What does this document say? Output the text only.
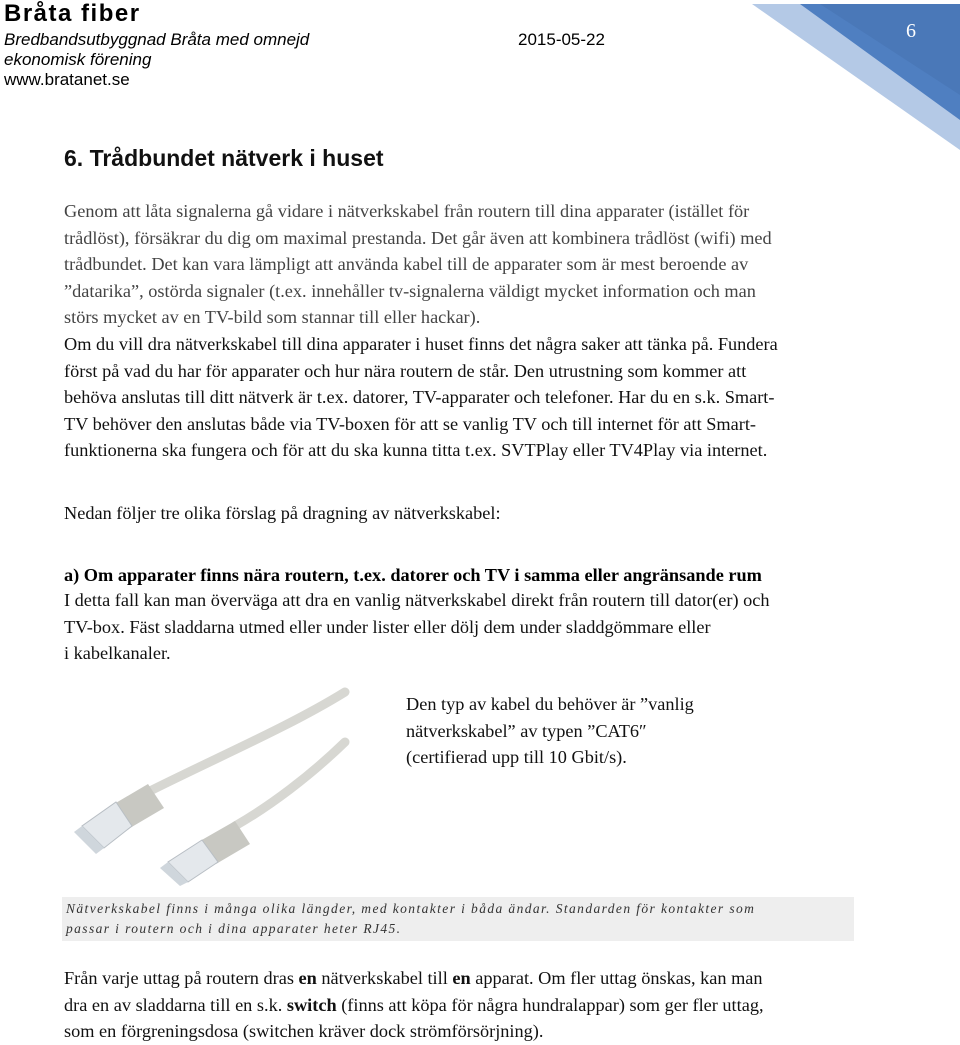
Bråta fiber
Bredbandsutbyggnad Bråta med omnejd
ekonomisk förening
www.bratanet.se
2015-05-22	6
6. Trådbundet nätverk i huset
Genom att låta signalerna gå vidare i nätverkskabel från routern till dina apparater (istället för
trådlöst), försäkrar du dig om maximal prestanda. Det går även att kombinera trådlöst (wifi) med
trådbundet. Det kan vara lämpligt att använda kabel till de apparater som är mest beroende av
”datarika”, ostörda signaler (t.ex. innehåller tv-signalerna väldigt mycket information och man
störs mycket av en TV-bild som stannar till eller hackar).
Om du vill dra nätverkskabel till dina apparater i huset finns det några saker att tänka på. Fundera
först på vad du har för apparater och hur nära routern de står. Den utrustning som kommer att
behöva anslutas till ditt nätverk är t.ex. datorer, TV-apparater och telefoner. Har du en s.k. Smart-
TV behöver den anslutas både via TV-boxen för att se vanlig TV och till internet för att Smart-
funktionerna ska fungera och för att du ska kunna titta t.ex. SVTPlay eller TV4Play via internet.
Nedan följer tre olika förslag på dragning av nätverkskabel:
a) Om apparater finns nära routern, t.ex. datorer och TV i samma eller angränsande rum
I detta fall kan man överväga att dra en vanlig nätverkskabel direkt från routern till dator(er) och
TV-box. Fäst sladdarna utmed eller under lister eller dölj dem under sladdgömmare eller
i kabelkanaler.
Den typ av kabel du behöver är ”vanlig
nätverkskabel” av typen ”CAT6″
(certifierad upp till 10 Gbit/s).
Nätverkskabel finns i många olika längder, med kontakter i båda ändar. Standarden för kontakter som
passar i routern och i dina apparater heter RJ45.
Från varje uttag på routern dras en nätverkskabel till en apparat. Om fler uttag önskas, kan man
dra en av sladdarna till en s.k. switch (finns att köpa för några hundralappar) som ger fler uttag,
som en förgreningsdosa (switchen kräver dock strömförsörjning).
